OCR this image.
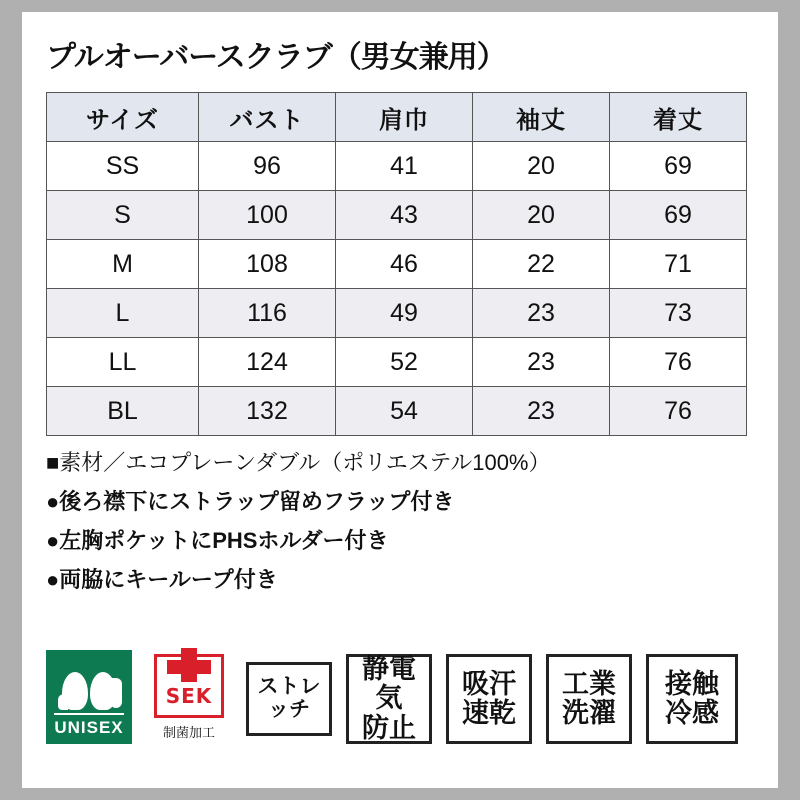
プルオーバースクラブ（男女兼用）
サイズ	バスト	肩巾	袖丈	着丈
SS	96	41	20	69
S	100	43	20	69
M	108	46	22	71
L	116	49	23	73
LL	124	52	23	76
BL	132	54	23	76
■素材／エコプレーンダブル（ポリエステル100%）
●後ろ襟下にストラップ留めフラップ付き
●左胸ポケットにPHSホルダー付き
●両脇にキーループ付き
UNISEX
SEK
制菌加工
ストレッチ
静電気
防止
吸汗
速乾
工業
洗濯
接触
冷感
